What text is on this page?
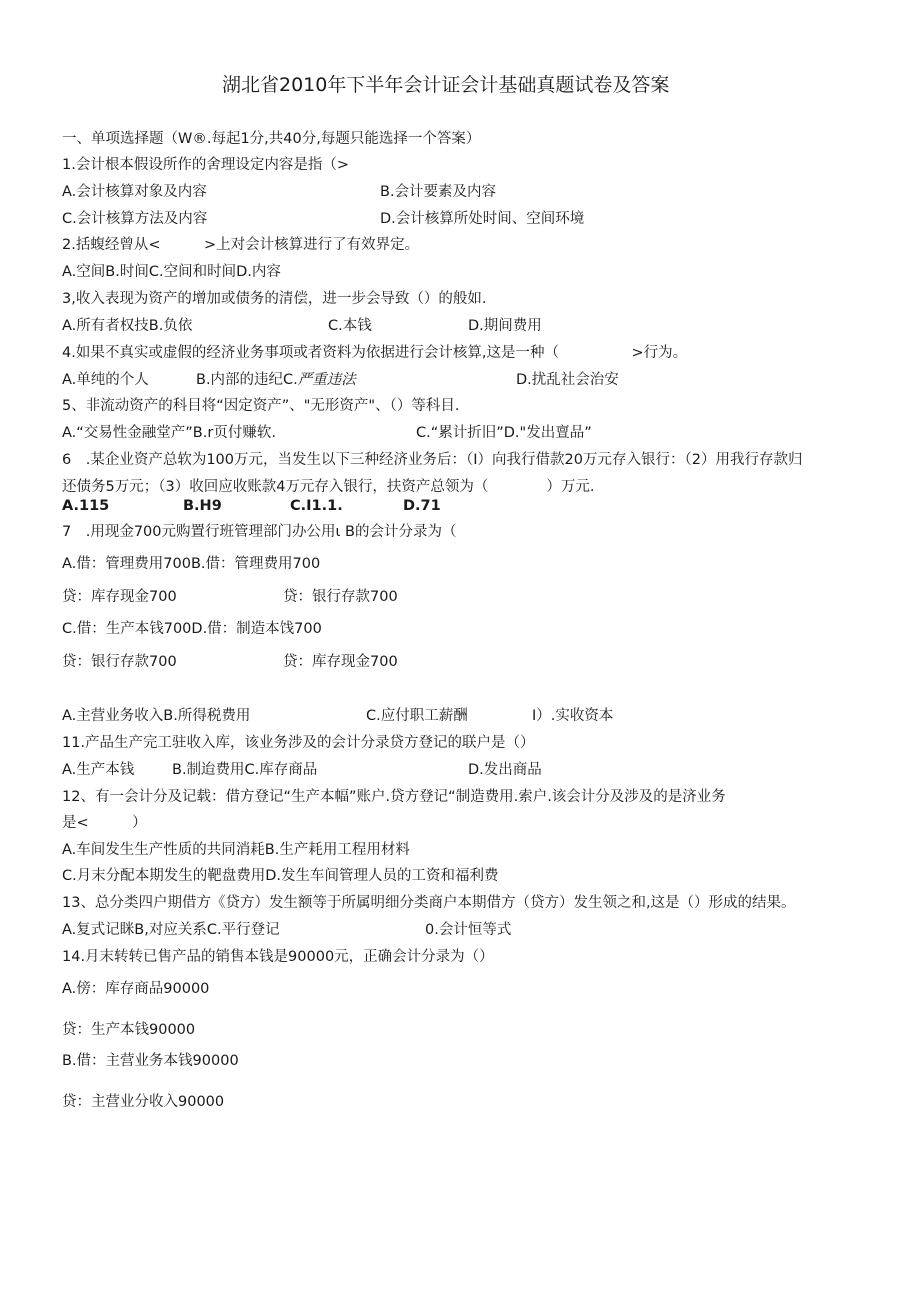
湖北省2010年下半年会计证会计基础真题试卷及答案
一、单项选择题（W®.每起1分,共40分,每题只能选择一个答案）
1.会计根本假设所作的舍理设定内容是指（>
A.会计核算对象及内容	B.会计要素及内容
C.会计核算方法及内容	D.会计核算所处时间、空间环境
2.括蝮经曾从<　　　>上对会计核算进行了有效界定。
A.空间B.时间C.空间和时间D.内容
3,收入表现为资产的增加或债务的清偿，进一步会导致（）的般如.
A.所有者权技B.负依	C.本钱	D.期间费用
4.如果不真实或虚假的经济业务事项或者资料为依据进行会计核算,这是一种（　　　　　>行为。
A.单纯的个人	B.内部的违纪C.严重违法	D.扰乱社会治安
5、非流动资产的科目将“因定资产”、"无形资产"、（）等科目.
A.“交易性金融堂产”B.r页付赚软.	C.“累计折旧”D."发出亶品”
6　.某企业资产总软为100万元，当发生以下三种经济业务后：（I）向我行借款20万元存入银行：（2）用我行存款归
还债务5万元；（3）收回应收账款4万元存入银行，扶资产总领为（　　　　）万元.
A.115	B.H9	C.I1.1.	D.71
7　.用现金700元购置行班管理部门办公用ι B的会计分录为（
A.借：管理费用700B.借：管理费用700
贷：库存现金700	贷：银行存款700
C.借：生产本钱700D.借：制造本饯700
贷：银行存款700	贷：库存现金700
A.主营业务收入B.所得税费用	C.应付职工薪酬	I）.实收资本
11.产品生产完工驻收入库，该业务涉及的会计分录贷方登记的联户是（）
A.生产本钱	B.制迨费用C.库存商品	D.发出商品
12、有一会计分及记载：借方登记“生产本幅”账户.贷方登记“制造费用.索户.该会计分及涉及的是济业务
是<　　　）
A.车间发生生产性质的共同消耗B.生产耗用工程用材料
C.月末分配本期发生的靶盘费用D.发生车间管理人员的工资和福利费
13、总分类四户期借方《贷方）发生额等于所属明细分类商户本期借方（贷方）发生领之和,这是（）形成的结果。
A.复式记眯B,对应关系C.平行登记	0.会计恒等式
14.月末转转已售产品的销售本钱是90000元，正确会计分录为（）
A.傍：库存商品90000
贷：生产本钱90000
B.借：主营业务本钱90000
贷：主营业分收入90000
